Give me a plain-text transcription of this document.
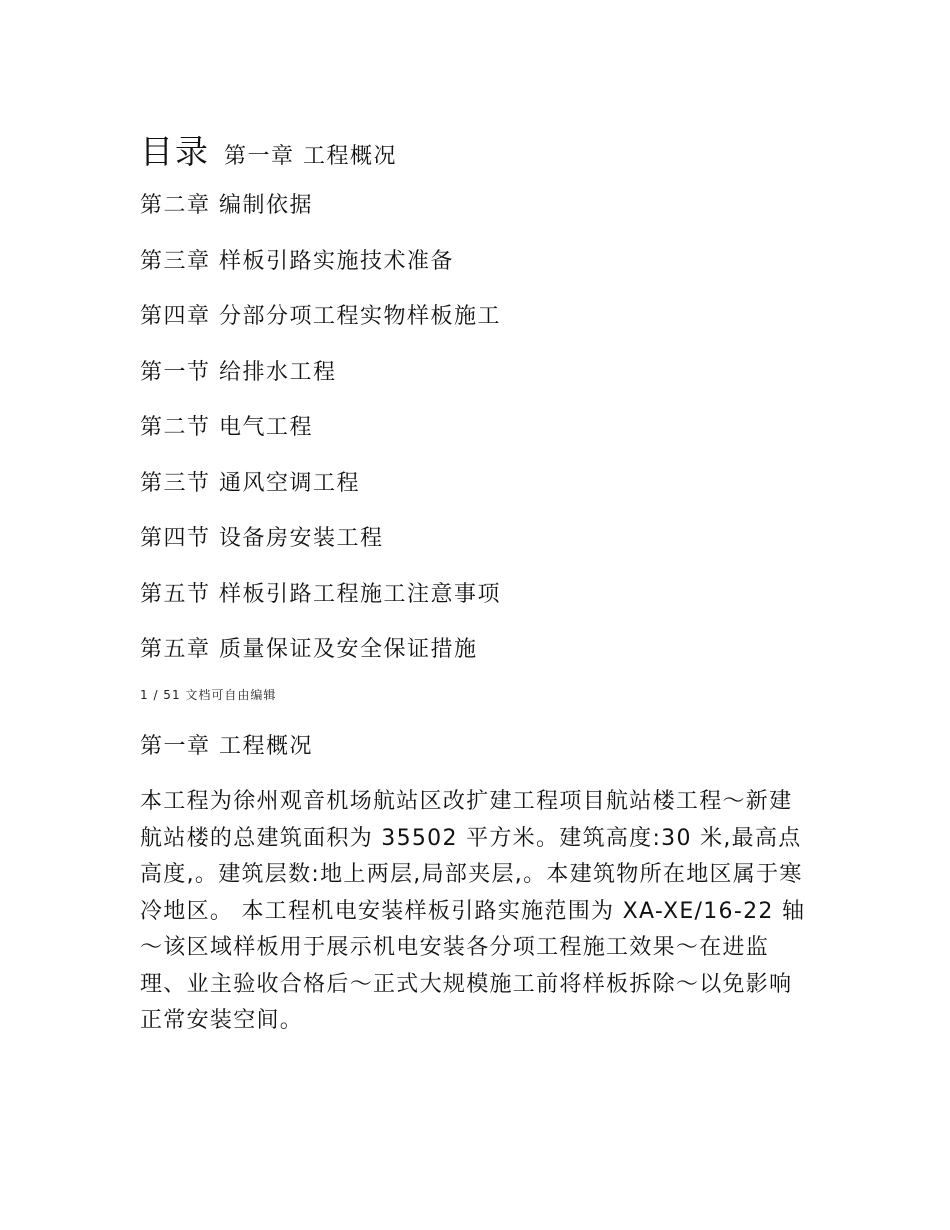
目录 第一章 工程概况
第二章 编制依据
第三章 样板引路实施技术准备
第四章 分部分项工程实物样板施工
第一节 给排水工程
第二节 电气工程
第三节 通风空调工程
第四节 设备房安装工程
第五节 样板引路工程施工注意事项
第五章 质量保证及安全保证措施
1 / 51 文档可自由编辑
第一章 工程概况

本工程为徐州观音机场航站区改扩建工程项目航站楼工程～新建航站楼的总建筑面积为 35502 平方米。建筑高度:30 米,最高点高度,。建筑层数:地上两层,局部夹层,。本建筑物所在地区属于寒冷地区。 本工程机电安装样板引路实施范围为 XA-XE/16-22 轴～该区域样板用于展示机电安装各分项工程施工效果～在进监理、业主验收合格后～正式大规模施工前将样板拆除～以免影响正常安装空间。
